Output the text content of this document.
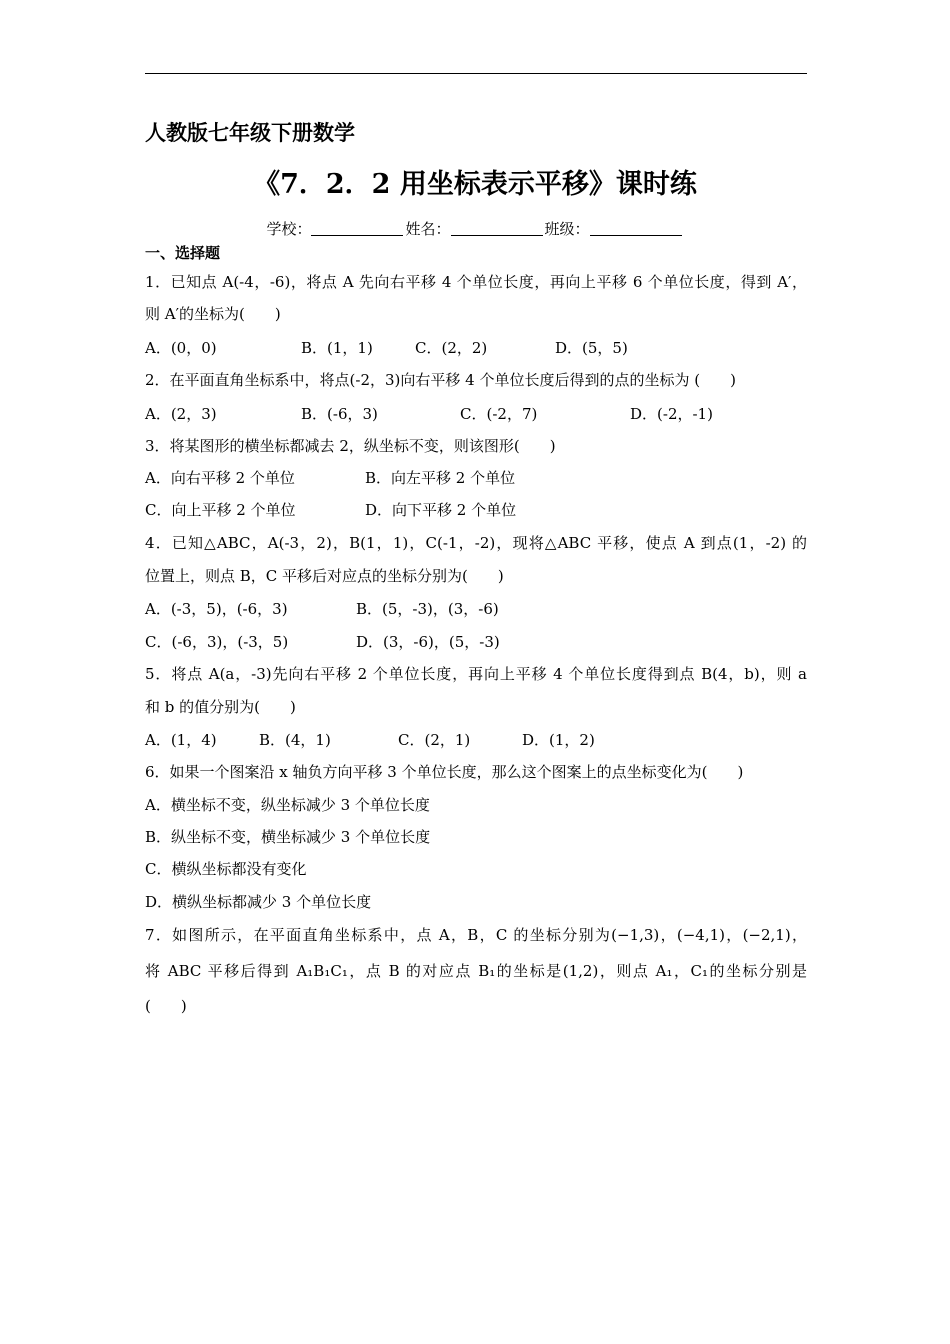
人教版七年级下册数学
《7．2．2 用坐标表示平移》课时练
学校：	姓名：	班级：
一、选择题
1．已知点 A(-4，-6)，将点 A 先向右平移 4 个单位长度，再向上平移 6 个单位长度，得到 A′，
则 A′的坐标为(　　)
A．(0，0)	B．(1，1)	C．(2，2)	D．(5，5)
2．在平面直角坐标系中，将点(-2，3)向右平移 4 个单位长度后得到的点的坐标为 (　　)
A．(2，3)	B．(-6，3)	C．(-2，7)	D．(-2，-1)
3．将某图形的横坐标都减去 2，纵坐标不变，则该图形(　　)
A．向右平移 2 个单位	B．向左平移 2 个单位
C．向上平移 2 个单位	D．向下平移 2 个单位
4．已知△ABC，A(-3，2)，B(1，1)，C(-1，-2)，现将△ABC 平移，使点 A 到点(1，-2) 的
位置上，则点 B，C 平移后对应点的坐标分别为(　　)
A．(-3，5)，(-6，3)	B．(5，-3)，(3，-6)
C．(-6，3)，(-3，5)	D．(3，-6)，(5，-3)
5．将点 A(a，-3)先向右平移 2 个单位长度，再向上平移 4 个单位长度得到点 B(4，b)，则 a
和 b 的值分别为(　　)
A．(1，4)	B．(4，1)	C．(2，1)	D．(1，2)
6．如果一个图案沿 x 轴负方向平移 3 个单位长度，那么这个图案上的点坐标变化为(　　)
A．横坐标不变，纵坐标减少 3 个单位长度
B．纵坐标不变，横坐标减少 3 个单位长度
C．横纵坐标都没有变化
D．横纵坐标都减少 3 个单位长度
7．如图所示，在平面直角坐标系中，点 A，B，C 的坐标分别为(−1,3)，(−4,1)，(−2,1)，
将 ABC 平移后得到 A₁B₁C₁，点 B 的对应点 B₁的坐标是(1,2)，则点 A₁，C₁的坐标分别是
(　　)
